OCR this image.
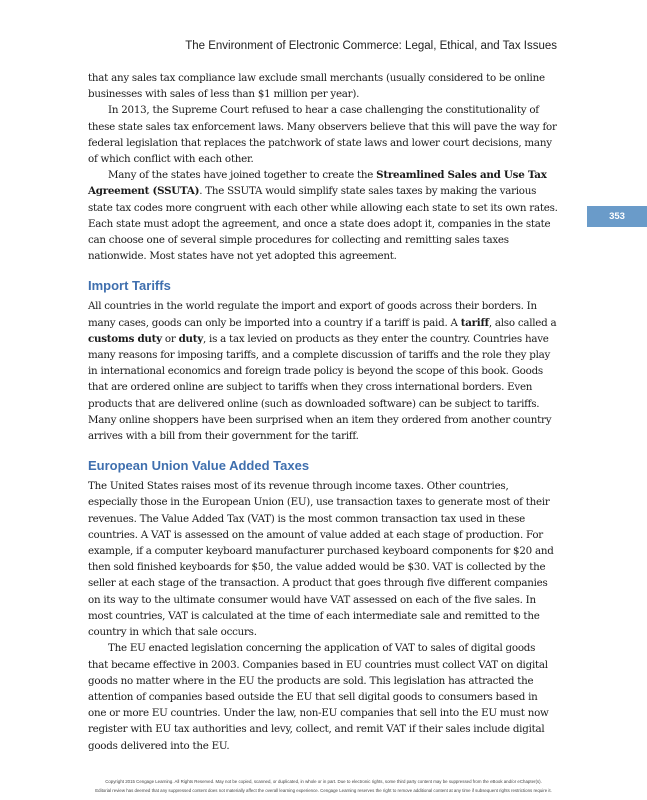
The Environment of Electronic Commerce: Legal, Ethical, and Tax Issues
353

that any sales tax compliance law exclude small merchants (usually considered to be online businesses with sales of less than $1 million per year).

In 2013, the Supreme Court refused to hear a case challenging the constitutionality of these state sales tax enforcement laws. Many observers believe that this will pave the way for federal legislation that replaces the patchwork of state laws and lower court decisions, many of which conflict with each other.

Many of the states have joined together to create the Streamlined Sales and Use Tax Agreement (SSUTA). The SSUTA would simplify state sales taxes by making the various state tax codes more congruent with each other while allowing each state to set its own rates. Each state must adopt the agreement, and once a state does adopt it, companies in the state can choose one of several simple procedures for collecting and remitting sales taxes nationwide. Most states have not yet adopted this agreement.

Import Tariffs

All countries in the world regulate the import and export of goods across their borders. In many cases, goods can only be imported into a country if a tariff is paid. A tariff, also called a customs duty or duty, is a tax levied on products as they enter the country. Countries have many reasons for imposing tariffs, and a complete discussion of tariffs and the role they play in international economics and foreign trade policy is beyond the scope of this book. Goods that are ordered online are subject to tariffs when they cross international borders. Even products that are delivered online (such as downloaded software) can be subject to tariffs. Many online shoppers have been surprised when an item they ordered from another country arrives with a bill from their government for the tariff.

European Union Value Added Taxes

The United States raises most of its revenue through income taxes. Other countries, especially those in the European Union (EU), use transaction taxes to generate most of their revenues. The Value Added Tax (VAT) is the most common transaction tax used in these countries. A VAT is assessed on the amount of value added at each stage of production. For example, if a computer keyboard manufacturer purchased keyboard components for $20 and then sold finished keyboards for $50, the value added would be $30. VAT is collected by the seller at each stage of the transaction. A product that goes through five different companies on its way to the ultimate consumer would have VAT assessed on each of the five sales. In most countries, VAT is calculated at the time of each intermediate sale and remitted to the country in which that sale occurs.

The EU enacted legislation concerning the application of VAT to sales of digital goods that became effective in 2003. Companies based in EU countries must collect VAT on digital goods no matter where in the EU the products are sold. This legislation has attracted the attention of companies based outside the EU that sell digital goods to consumers based in one or more EU countries. Under the law, non-EU companies that sell into the EU must now register with EU tax authorities and levy, collect, and remit VAT if their sales include digital goods delivered into the EU.

Copyright 2015 Cengage Learning. All Rights Reserved. May not be copied, scanned, or duplicated, in whole or in part. Due to electronic rights, some third party content may be suppressed from the eBook and/or eChapter(s).
Editorial review has deemed that any suppressed content does not materially affect the overall learning experience. Cengage Learning reserves the right to remove additional content at any time if subsequent rights restrictions require it.
